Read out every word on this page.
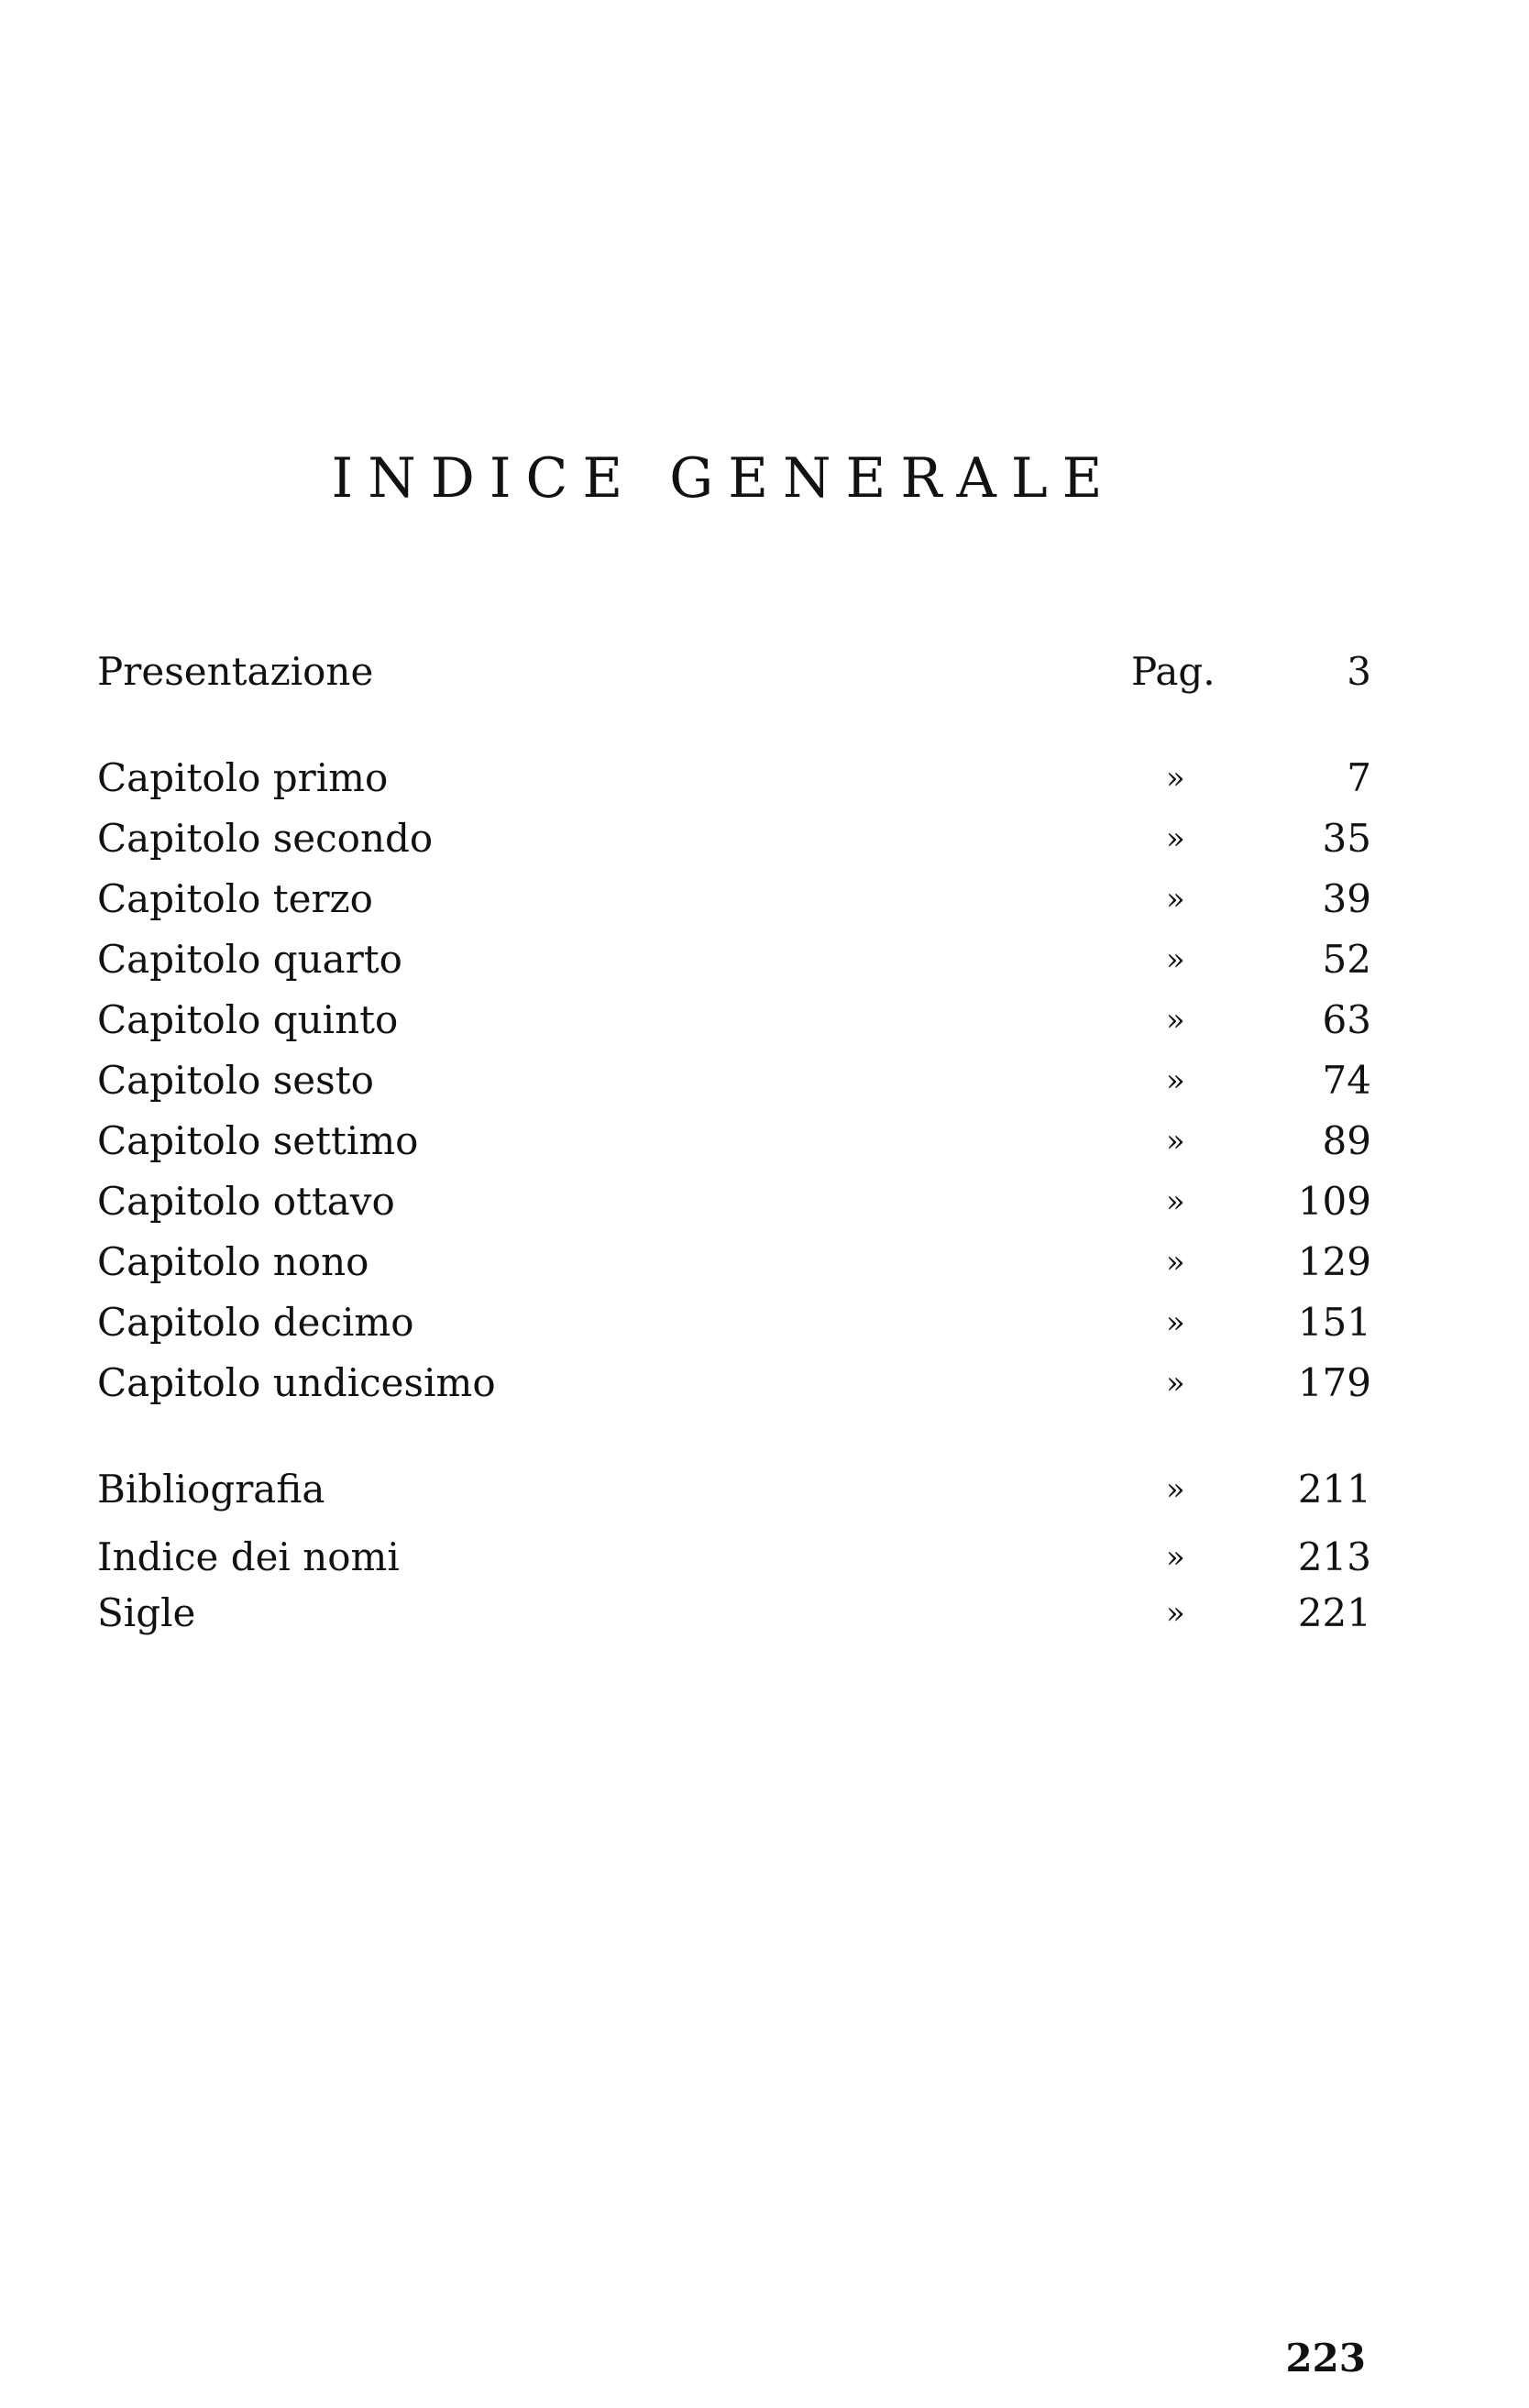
INDICE GENERALE
Presentazione	Pag.	3
Capitolo primo	»	7
Capitolo secondo	»	35
Capitolo terzo	»	39
Capitolo quarto	»	52
Capitolo quinto	»	63
Capitolo sesto	»	74
Capitolo settimo	»	89
Capitolo ottavo	»	109
Capitolo nono	»	129
Capitolo decimo	»	151
Capitolo undicesimo	»	179
Bibliografia	»	211
Indice dei nomi	»	213
Sigle	»	221
223
